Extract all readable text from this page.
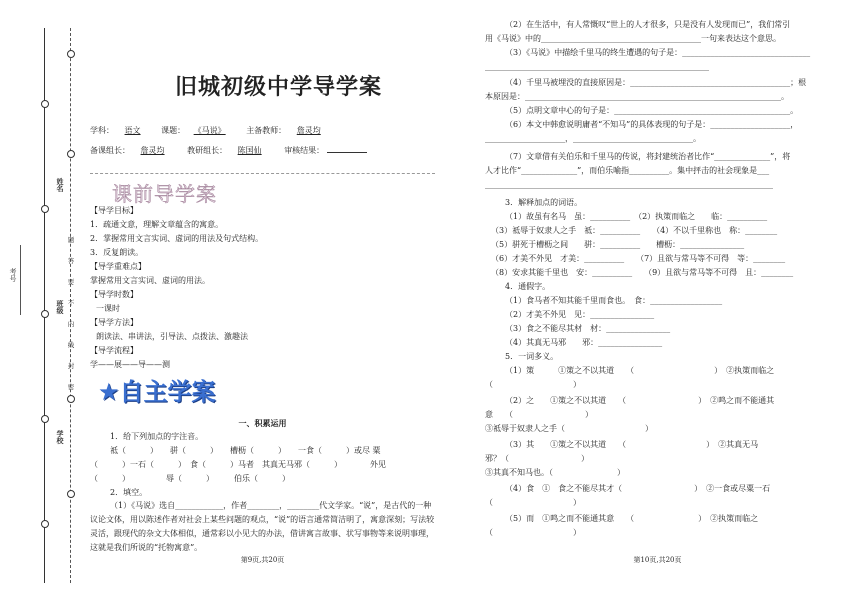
考号
姓名
班级
学校
题
答
要
不
内
线
封
密
旧城初级中学导学案
学科： 语文	课题： 《马说》	主备教师： 詹灵均
备课组长： 詹灵均	教研组长： 陈国仙	审核结果：
课前导学案
【导学目标】
1．疏通文意，理解文章蕴含的寓意。
2．掌握常用文言实词、虚词的用法及句式结构。
3．反复朗读。
【导学重难点】
掌握常用文言实词、虚词的用法。
【导学时数】
一课时
【导学方法】
朗读法、串讲法，引导法、点拨法、激趣法
【导学流程】
学——展——导——测
★自主学案
一、积累运用
1．给下列加点的字注音。
祗（　　　）　　骈（　　　）　　槽枥（　　　）　　一食（　　　）或尽 粟
（　　　）一石（　　　）　食（　　　）马者　其真无马邪（　　　）　　　　外见
（　　　）　　　　　辱（　　　）　　　伯乐（　　　）
2．填空。
（1）《马说》选自____________，作者________，________代文学家。“说”，是古代的一种议论文体，用以陈述作者对社会上某些问题的观点，“说”的语言通常简洁明了，寓意深刻；写法较灵活，跟现代的杂文大体相似，通常彩以小见大的办法，借讲寓言故事、状写事物等来说明事理，这就是我们所说的“托物寓意”。
第9页,共20页
（2）在生活中，有人常慨叹“世上的人才很多，只是没有人发现而已”，我们常引
用《马说》中的________________________________________一句来表达这个意思。
（3）《马说》中描绘千里马的终生遭遇的句子是：________________________________
________________________________________________________
（4）千里马被埋没的直接原因是：________________________________________；根
本原因是：________________________________________________________________。
（5）点明文章中心的句子是：____________________________________________。
（6）本文中韩愈说明庸者“不知马”的具体表现的句子是：____________________，
____________________，______________________________。
（7）文章借有关伯乐和千里马的传说，将封建统治者比作“______________”，将
人才比作“______________”，而伯乐喻指__________。集中抨击的社会现象是___
________________________________________________________________________
3．解释加点的词语。
（1）故虽有名马　虽：__________　（2）执策而临之　　临：__________
（3）祗辱于奴隶人之手　祗：__________　　（4）不以千里称也　称：________
（5）骈死于槽枥之间　　骈：__________　　槽枥：________________
（6）才美不外见　才美：__________　　（7）且欲与常马等不可得　等：________
（8）安求其能千里也　安：__________　　（9）且欲与常马等不可得　且：________
4．通假字。
（1）食马者不知其能千里而食也。　食：__________________
（2）才美不外见　见：________________
（3）食之不能尽其材　材：________________
（4）其真无马邪　　邪：________________
5．一词多义。
（1）策　　　①策之不以其道　　（　　　　　　　　　　）　②执策而临之
（　　　　　　　　　　）
（2）之　　①策之不以其道　　（　　　　　　　　　）　②鸣之而不能通其
意　　（　　　　　　　　　）
③祗辱于奴隶人之手（　　　　　　　　　　）
（3）其　　①策之不以其道　　（　　　　　　　　　　）　②其真无马
邪？（　　　　　　　　　）
③其真不知马也。（　　　　　　　　）
（4）食　①　食之不能尽其才（　　　　　　　　　）　②一食或尽粟一石
（　　　　　　　　　　）
（5）而　①鸣之而不能通其意　　（　　　　　　　　）　②执策而临之
（　　　　　　　　　　）
第10页,共20页
